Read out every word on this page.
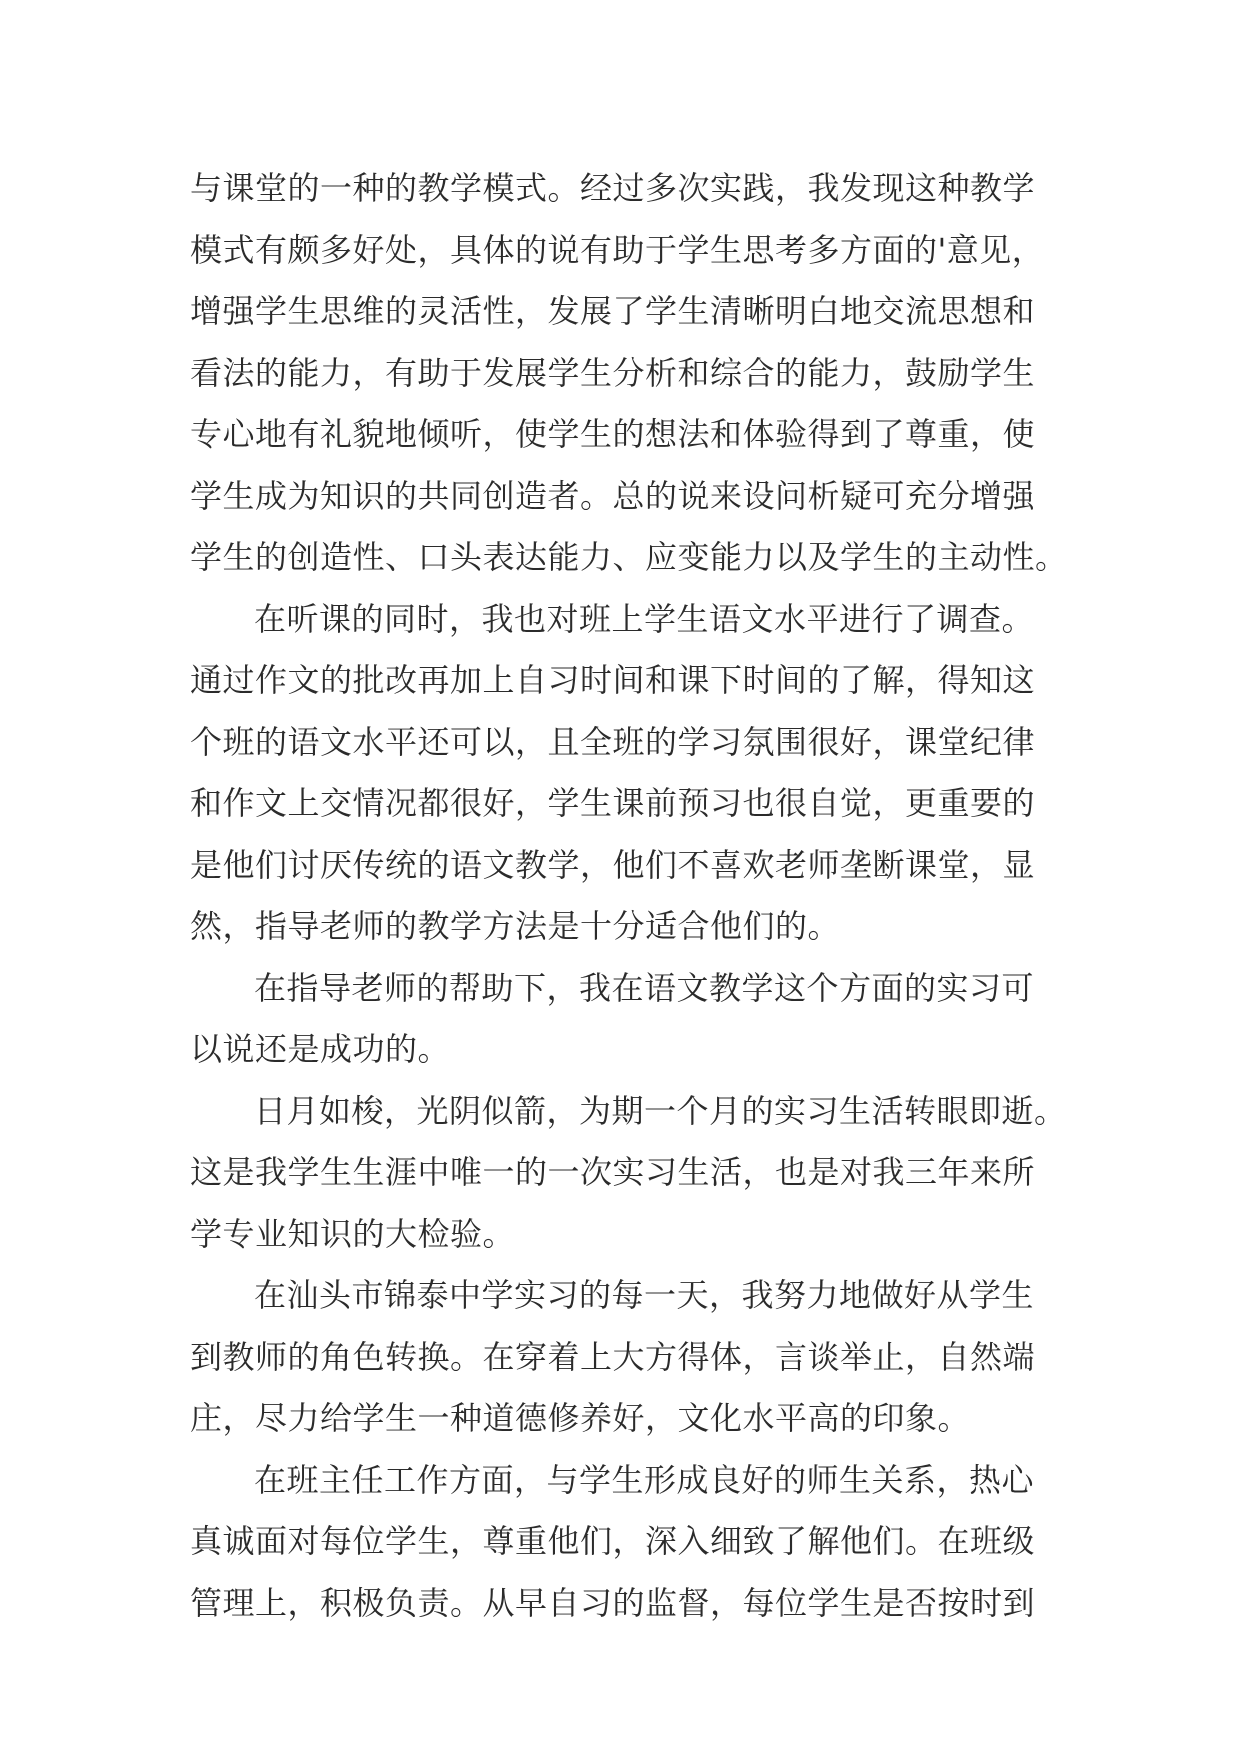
与课堂的一种的教学模式。经过多次实践，我发现这种教学
模式有颇多好处，具体的说有助于学生思考多方面的'意见，
增强学生思维的灵活性，发展了学生清晰明白地交流思想和
看法的能力，有助于发展学生分析和综合的能力，鼓励学生
专心地有礼貌地倾听，使学生的想法和体验得到了尊重，使
学生成为知识的共同创造者。总的说来设问析疑可充分增强
学生的创造性、口头表达能力、应变能力以及学生的主动性。
在听课的同时，我也对班上学生语文水平进行了调查。
通过作文的批改再加上自习时间和课下时间的了解，得知这
个班的语文水平还可以，且全班的学习氛围很好，课堂纪律
和作文上交情况都很好，学生课前预习也很自觉，更重要的
是他们讨厌传统的语文教学，他们不喜欢老师垄断课堂，显
然，指导老师的教学方法是十分适合他们的。
在指导老师的帮助下，我在语文教学这个方面的实习可
以说还是成功的。
日月如梭，光阴似箭，为期一个月的实习生活转眼即逝。
这是我学生生涯中唯一的一次实习生活，也是对我三年来所
学专业知识的大检验。
在汕头市锦泰中学实习的每一天，我努力地做好从学生
到教师的角色转换。在穿着上大方得体，言谈举止，自然端
庄，尽力给学生一种道德修养好，文化水平高的印象。
在班主任工作方面，与学生形成良好的师生关系，热心
真诚面对每位学生，尊重他们，深入细致了解他们。在班级
管理上，积极负责。从早自习的监督，每位学生是否按时到
